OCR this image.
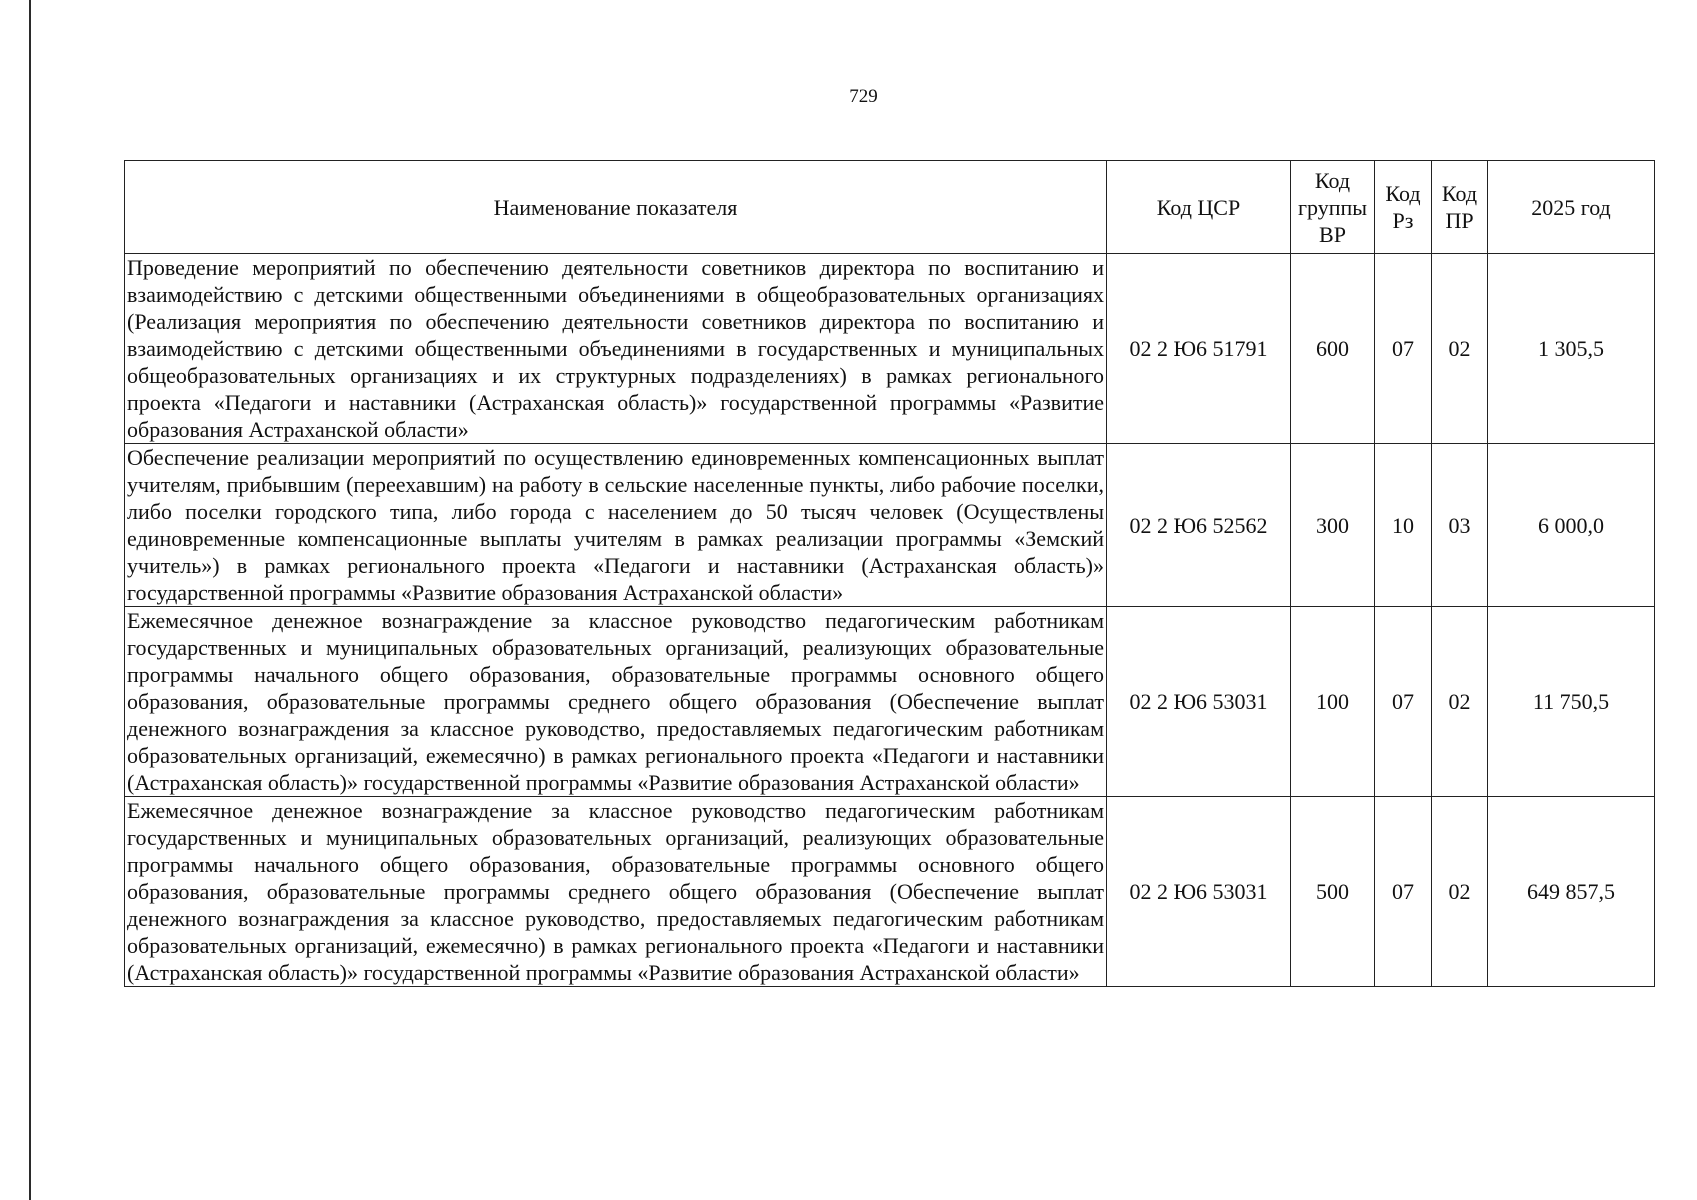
729
Наименование показателя	Код ЦСР	Код группы ВР	Код Рз	Код ПР	2025 год
Проведение мероприятий по обеспечению деятельности советников директора по воспитанию и взаимодействию с детскими общественными объединениями в общеобразовательных организациях (Реализация мероприятия по обеспечению деятельности советников директора по воспитанию и взаимодействию с детскими общественными объединениями в государственных и муниципальных общеобразовательных организациях и их структурных подразделениях) в рамках регионального проекта «Педагоги и наставники (Астраханская область)» государственной программы «Развитие образования Астраханской области»	02 2 Ю6 51791	600	07	02	1 305,5
Обеспечение реализации мероприятий по осуществлению единовременных компенсационных выплат учителям, прибывшим (переехавшим) на работу в сельские населенные пункты, либо рабочие поселки, либо поселки городского типа, либо города с населением до 50 тысяч человек (Осуществлены единовременные компенсационные выплаты учителям в рамках реализации программы «Земский учитель») в рамках регионального проекта «Педагоги и наставники (Астраханская область)» государственной программы «Развитие образования Астраханской области»	02 2 Ю6 52562	300	10	03	6 000,0
Ежемесячное денежное вознаграждение за классное руководство педагогическим работникам государственных и муниципальных образовательных организаций, реализующих образовательные программы начального общего образования, образовательные программы основного общего образования, образовательные программы среднего общего образования (Обеспечение выплат денежного вознаграждения за классное руководство, предоставляемых педагогическим работникам образовательных организаций, ежемесячно) в рамках регионального проекта «Педагоги и наставники (Астраханская область)» государственной программы «Развитие образования Астраханской области»	02 2 Ю6 53031	100	07	02	11 750,5
Ежемесячное денежное вознаграждение за классное руководство педагогическим работникам государственных и муниципальных образовательных организаций, реализующих образовательные программы начального общего образования, образовательные программы основного общего образования, образовательные программы среднего общего образования (Обеспечение выплат денежного вознаграждения за классное руководство, предоставляемых педагогическим работникам образовательных организаций, ежемесячно) в рамках регионального проекта «Педагоги и наставники (Астраханская область)» государственной программы «Развитие образования Астраханской области»	02 2 Ю6 53031	500	07	02	649 857,5
